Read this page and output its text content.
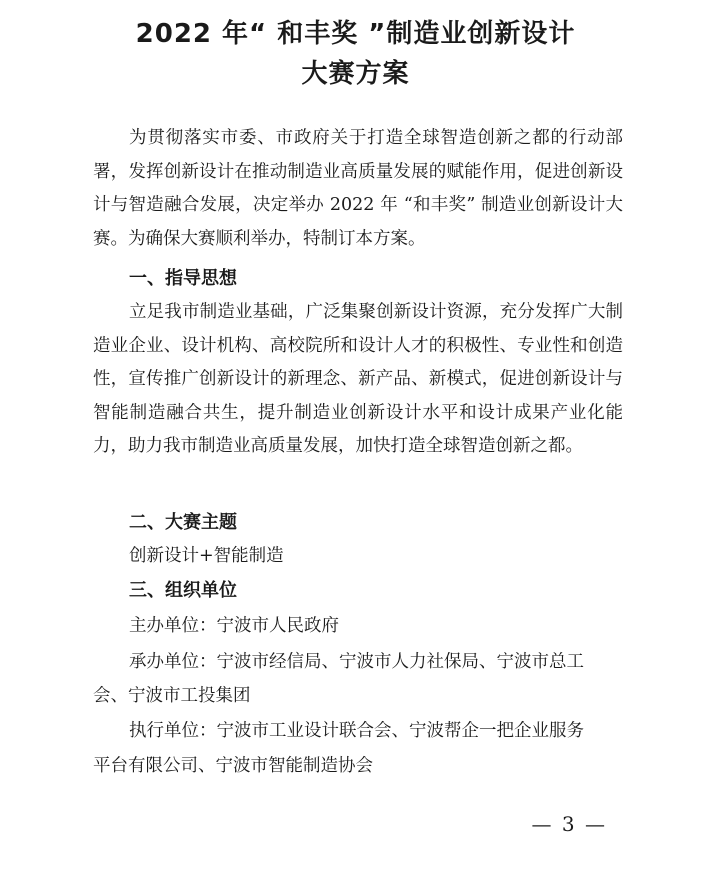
2022 年“ 和丰奖 ”制造业创新设计
大赛方案

为贯彻落实市委、市政府关于打造全球智造创新之都的行动部署，发挥创新设计在推动制造业高质量发展的赋能作用，促进创新设计与智造融合发展，决定举办 2022 年 “和丰奖” 制造业创新设计大赛。为确保大赛顺利举办，特制订本方案。

一、指导思想

立足我市制造业基础，广泛集聚创新设计资源，充分发挥广大制造业企业、设计机构、高校院所和设计人才的积极性、专业性和创造性，宣传推广创新设计的新理念、新产品、新模式，促进创新设计与智能制造融合共生，提升制造业创新设计水平和设计成果产业化能力，助力我市制造业高质量发展，加快打造全球智造创新之都。

二、大赛主题
创新设计+智能制造
三、组织单位
主办单位：宁波市人民政府
承办单位：宁波市经信局、宁波市人力社保局、宁波市总工
会、宁波市工投集团
执行单位：宁波市工业设计联合会、宁波帮企一把企业服务
平台有限公司、宁波市智能制造协会
— 3 —
